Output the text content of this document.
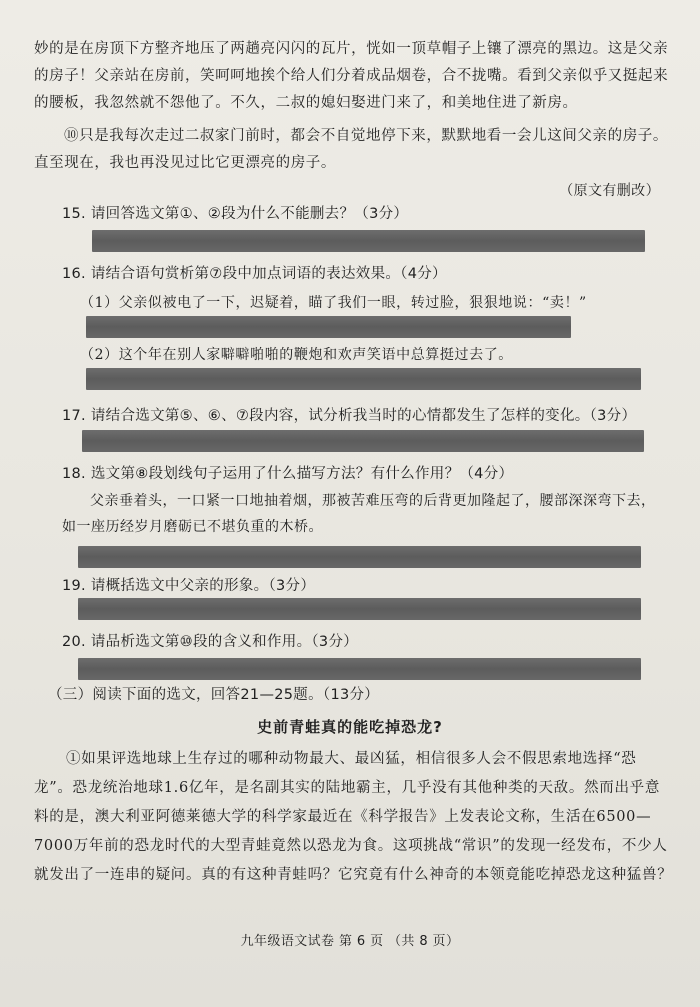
妙的是在房顶下方整齐地压了两趟亮闪闪的瓦片，恍如一顶草帽子上镶了漂亮的黑边。这是父亲的房子！父亲站在房前，笑呵呵地挨个给人们分着成品烟卷，合不拢嘴。看到父亲似乎又挺起来的腰板，我忽然就不怨他了。不久，二叔的媳妇娶进门来了，和美地住进了新房。
⑩只是我每次走过二叔家门前时，都会不自觉地停下来，默默地看一会儿这间父亲的房子。直至现在，我也再没见过比它更漂亮的房子。
（原文有删改）
15. 请回答选文第①、②段为什么不能删去？（3分）
16. 请结合语句赏析第⑦段中加点词语的表达效果。（4分）
（1）父亲似被电了一下，迟疑着，瞄了我们一眼，转过脸，狠狠地说：“卖！”
（2）这个年在别人家噼噼啪啪的鞭炮和欢声笑语中总算挺过去了。
17. 请结合选文第⑤、⑥、⑦段内容，试分析我当时的心情都发生了怎样的变化。（3分）
18. 选文第⑧段划线句子运用了什么描写方法？有什么作用？（4分）
父亲垂着头，一口紧一口地抽着烟，那被苦难压弯的后背更加隆起了，腰部深深弯下去，
如一座历经岁月磨砺已不堪负重的木桥。
19. 请概括选文中父亲的形象。（3分）
20. 请品析选文第⑩段的含义和作用。（3分）
（三）阅读下面的选文，回答21—25题。（13分）
史前青蛙真的能吃掉恐龙?
①如果评选地球上生存过的哪种动物最大、最凶猛，相信很多人会不假思索地选择“恐龙”。恐龙统治地球1.6亿年，是名副其实的陆地霸主，几乎没有其他种类的天敌。然而出乎意料的是，澳大利亚阿德莱德大学的科学家最近在《科学报告》上发表论文称，生活在6500—7000万年前的恐龙时代的大型青蛙竟然以恐龙为食。这项挑战“常识”的发现一经发布，不少人就发出了一连串的疑问。真的有这种青蛙吗？它究竟有什么神奇的本领竟能吃掉恐龙这种猛兽？
九年级语文试卷 第 6 页 （共 8 页）
